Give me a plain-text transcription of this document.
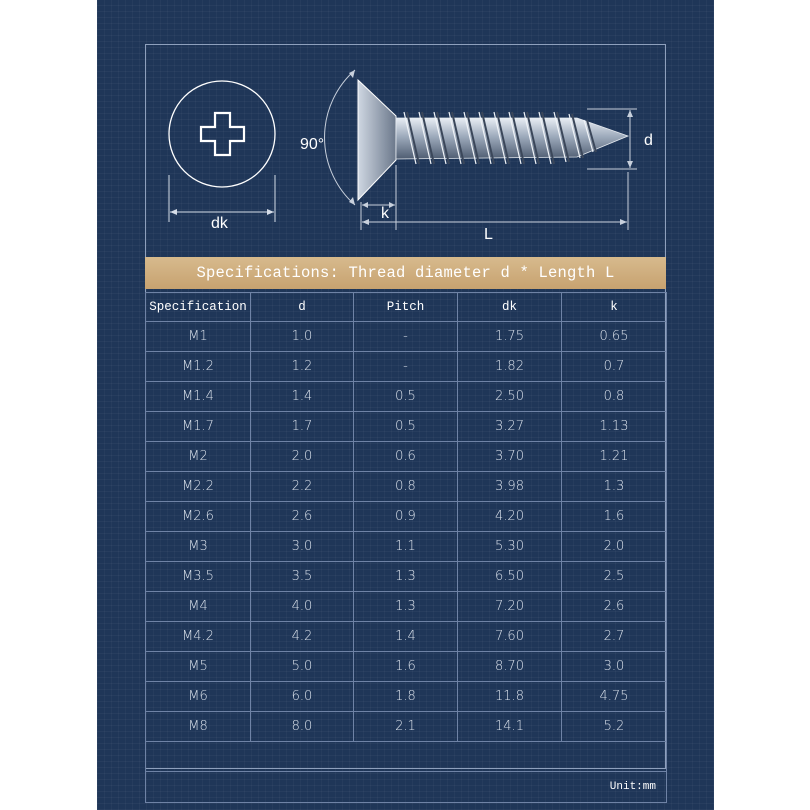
90°
dk
d
k
L
Specifications: Thread diameter d * Length L
Specification	d	Pitch	dk	k
M1	1.0	-	1.75	0.65
M1.2	1.2	-	1.82	0.7
M1.4	1.4	0.5	2.50	0.8
M1.7	1.7	0.5	3.27	1.13
M2	2.0	0.6	3.70	1.21
M2.2	2.2	0.8	3.98	1.3
M2.6	2.6	0.9	4.20	1.6
M3	3.0	1.1	5.30	2.0
M3.5	3.5	1.3	6.50	2.5
M4	4.0	1.3	7.20	2.6
M4.2	4.2	1.4	7.60	2.7
M5	5.0	1.6	8.70	3.0
M6	6.0	1.8	11.8	4.75
M8	8.0	2.1	14.1	5.2

Unit:mm				
